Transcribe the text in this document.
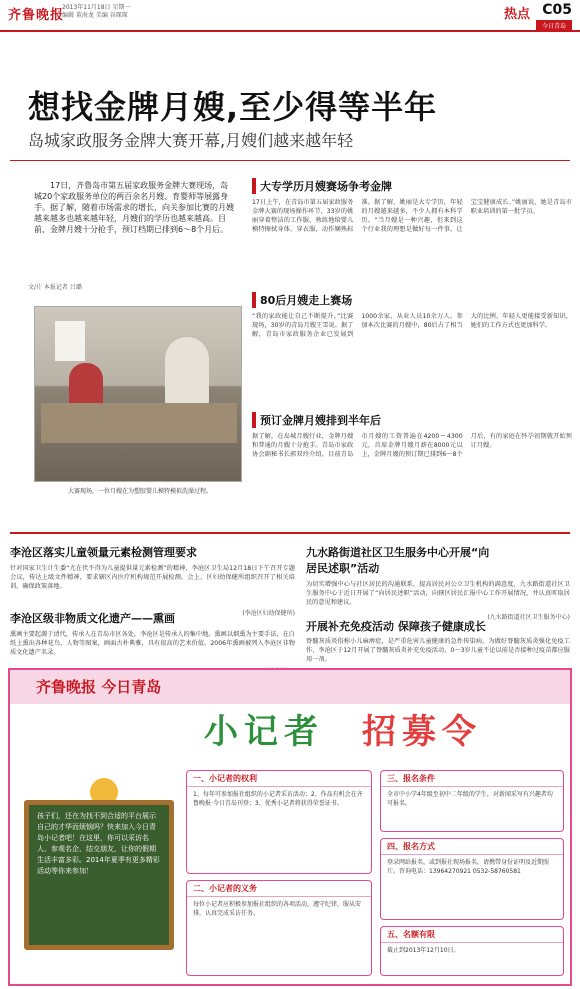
齐鲁晚报
2013年11月18日 星期一
编辑 董海龙 美编 谷琛琛	热点 C05
今日青岛
想找金牌月嫂,至少得等半年
岛城家政服务金牌大赛开幕,月嫂们越来越年轻
17日，齐鲁岛市第五届家政服务金牌大赛现场，岛城20个家政服务单位的两百余名月嫂、育婴师等展露身手。据了解，随着市场需求的增长，向关参加比赛的月嫂越来越多也越来越年轻，月嫂们的学历也越来越高。目前，金牌月嫂十分抢手，预订档期已排到6～8个月后。
文/片 本报记者 吕璐
大赛现场，一位月嫂在为塑胶婴儿模特模拟洗澡过程。
大专学历月嫂赛场争考金牌
17日上午，在青岛市第五届家政服务金牌大赛的现场操作环节，33岁的姚丽穿着整洁的工作服，熟练地给婴儿模特擦拭身体、穿衣服，动作娴熟标准。据了解，姚丽是大专学历，年轻的月嫂越来越多，不少人拥有本科学历。“当月嫂是一种兴趣，但来到这个行业我的理想是做好每一件事，让宝宝健康成长。”姚丽说，她是青岛市职业培训的第一批学员。
80后月嫂走上赛场
“我的家政能让自己不断提升。”比赛现场，30岁的青岛月嫂王雪说。据了解，青岛市家政服务企业已发展到1000余家，从业人员10余万人。参加本次比赛的月嫂中，80后占了相当大的比例，年轻人更能接受新知识，她们的工作方式也更加科学。
预订金牌月嫂排到半年后
据了解，在岛城月嫂行业，金牌月嫂和普通的月嫂十分抢手。青岛市家政协会副秘书长郭双玲介绍，目前青岛市月嫂的工资普遍在4200～4300元，首席金牌月嫂月薪在8000元以上，金牌月嫂的预订期已排到6～8个月后，有的家庭在怀孕初期就开始预订月嫂。
李沧区落实儿童领量元素检测管理要求
针对国家卫生计生委“尤在伏不得为儿童提供量元素检测”的精神，李沧区卫生局12月18日下午召开专题会议，传达上级文件精神，要求辖区内医疗机构规范开展检测。会上，区妇幼保健所组织召开了相关培训，确保政策落地。
(李沧区妇幼保健所)
李沧区级非物质文化遗产——熏画
熏画主要起源于清代，传承人在青岛市区各处，李沧区是传承人的集中地。熏画以烟熏为主要手法，在白纸上熏出各种花鸟、人物等图案，画面古朴典雅，具有很高的艺术价值。2006年熏画被列入李沧区非物质文化遗产名录。
九水路街道社区卫生服务中心开展“向居民述职”活动
为切实增强中心与社区居民的沟通联系，提高居民对公立卫生机构的满意度，九水路街道社区卫生服务中心于近日开展了“向居民述职”活动，向辖区居民汇报中心工作开展情况，并认真听取居民的意见和建议。
(九水路街道社区卫生服务中心)
开展补充免疫活动 保障孩子健康成长
脊髓灰质炎俗称小儿麻痹症，是严重危害儿童健康的急性传染病。为做好脊髓灰质炎强化免疫工作，李沧区于12月开展了脊髓灰质炎补充免疫活动，0～3岁儿童不论以前是否接种过疫苗都应服用一剂。
齐鲁晚报 今日青岛
小记者 招募令
孩子们，还在为找不到合适的平台展示自己的才华而烦恼吗？快来加入今日青岛小记者吧！在这里，你可以采访名人、参观名企、结交朋友，让你的假期生活丰富多彩。2014年夏季有更多精彩活动等你来参加！
一、小记者的权利
1、每年可参加报社组织的小记者采访活动；2、作品有机会在齐鲁晚报·今日青岛刊登；3、优秀小记者将获得荣誉证书。
二、小记者的义务
每位小记者应积极参加报社组织的各项活动，遵守纪律，服从安排，认真完成采访任务。
三、报名条件
全市中小学4年级至初中二年级的学生，对新闻采写有兴趣者均可报名。
四、报名方式
登录网站报名，或到报社现场报名，请携带身份证明及近期照片。咨询电话：13964270921 0532-58760581
五、名额有限
截止到2013年12月10日。
